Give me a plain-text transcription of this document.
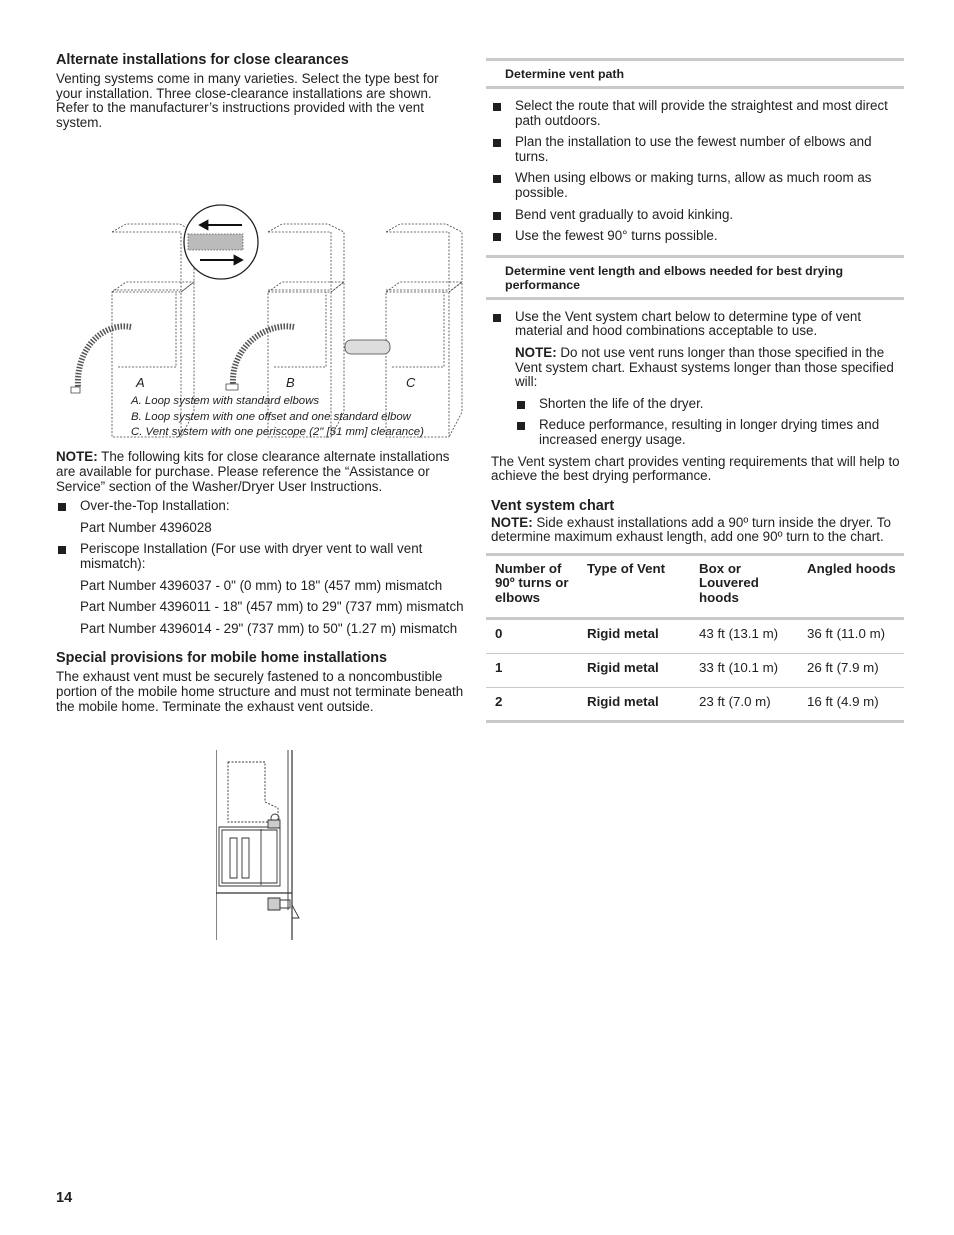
Alternate installations for close clearances

Venting systems come in many varieties. Select the type best for your installation. Three close-clearance installations are shown. Refer to the manufacturer’s instructions provided with the vent system.

A	B	C
A. Loop system with standard elbows
B. Loop system with one offset and one standard elbow
C. Vent system with one periscope (2" [51 mm] clearance)

NOTE: The following kits for close clearance alternate installations are available for purchase. Please reference the “Assistance or Service” section of the Washer/Dryer User Instructions.

Over-the-Top Installation:

Part Number 4396028

Periscope Installation (For use with dryer vent to wall vent mismatch):

Part Number 4396037 - 0" (0 mm) to 18" (457 mm) mismatch

Part Number 4396011 - 18" (457 mm) to 29" (737 mm) mismatch

Part Number 4396014 - 29" (737 mm) to 50" (1.27 m) mismatch

Special provisions for mobile home installations

The exhaust vent must be securely fastened to a noncombustible portion of the mobile home structure and must not terminate beneath the mobile home. Terminate the exhaust vent outside.

Determine vent path
Select the route that will provide the straightest and most direct path outdoors.
Plan the installation to use the fewest number of elbows and turns.
When using elbows or making turns, allow as much room as possible.
Bend vent gradually to avoid kinking.
Use the fewest 90° turns possible.
Determine vent length and elbows needed for best drying performance
Use the Vent system chart below to determine type of vent material and hood combinations acceptable to use.

NOTE: Do not use vent runs longer than those specified in the Vent system chart. Exhaust systems longer than those specified will:

Shorten the life of the dryer.
Reduce performance, resulting in longer drying times and increased energy usage.

The Vent system chart provides venting requirements that will help to achieve the best drying performance.

Vent system chart

NOTE: Side exhaust installations add a 90º turn inside the dryer. To determine maximum exhaust length, add one 90º turn to the chart.

Number of 90º turns or elbows	Type of Vent	Box or Louvered hoods	Angled hoods
0	Rigid metal	43 ft (13.1 m)	36 ft (11.0 m)
1	Rigid metal	33 ft (10.1 m)	26 ft (7.9 m)
2	Rigid metal	23 ft (7.0 m)	16 ft (4.9 m)
14
